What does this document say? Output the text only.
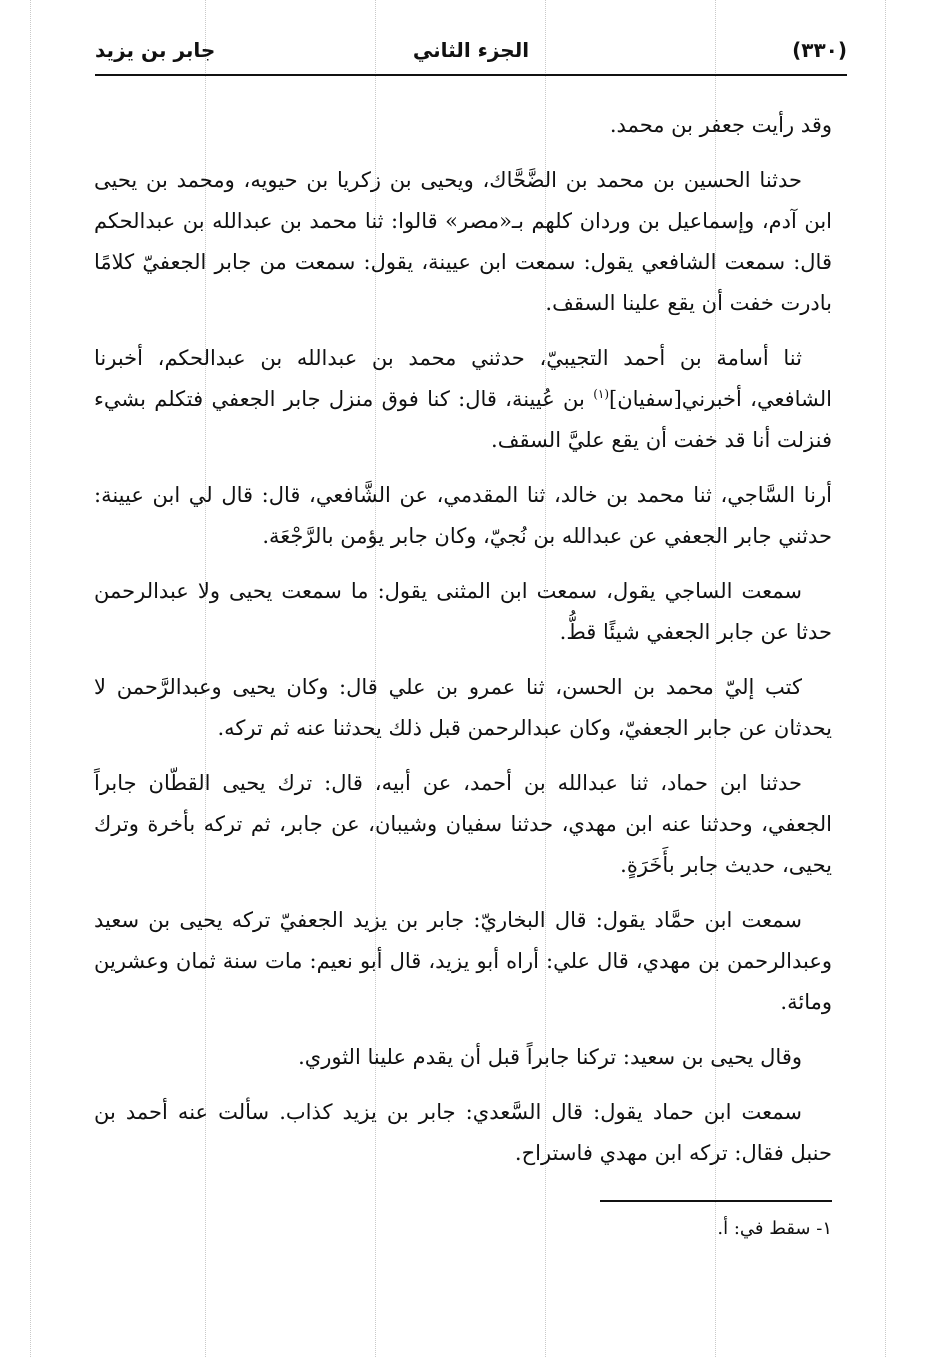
(٣٣٠)
الجزء الثاني
جابر بن يزيد

وقد رأيت جعفر بن محمد.

حدثنا الحسين بن محمد بن الضَّحَّاك، ويحيى بن زكريا بن حيويه، ومحمد بن يحيى ابن آدم، وإسماعيل بن وردان كلهم بـ«مصر» قالوا: ثنا محمد بن عبدالله بن عبدالحكم قال: سمعت الشافعي يقول: سمعت ابن عيينة، يقول: سمعت من جابر الجعفيّ كلامًا بادرت خفت أن يقع علينا السقف.

ثنا أسامة بن أحمد التجيبيّ، حدثني محمد بن عبدالله بن عبدالحكم، أخبرنا الشافعي، أخبرني[سفيان]$^{(١)}$ بن عُيينة، قال: كنا فوق منزل جابر الجعفي فتكلم بشيء فنزلت أنا قد خفت أن يقع عليَّ السقف.

أرنا السَّاجي، ثنا محمد بن خالد، ثنا المقدمي، عن الشَّافعي، قال: قال لي ابن عيينة: حدثني جابر الجعفي عن عبدالله بن نُجيّ، وكان جابر يؤمن بالرَّجْعَة.

سمعت الساجي يقول، سمعت ابن المثنى يقول: ما سمعت يحيى ولا عبدالرحمن حدثا عن جابر الجعفي شيئًا قطُّ.

كتب إليّ محمد بن الحسن، ثنا عمرو بن علي قال: وكان يحيى وعبدالرَّحمن لا يحدثان عن جابر الجعفيّ، وكان عبدالرحمن قبل ذلك يحدثنا عنه ثم تركه.

حدثنا ابن حماد، ثنا عبدالله بن أحمد، عن أبيه، قال: ترك يحيى القطّان جابراً الجعفي، وحدثنا عنه ابن مهدي، حدثنا سفيان وشيبان، عن جابر، ثم تركه بأخرة وترك يحيى، حديث جابر بأَخَرَةٍ.

سمعت ابن حمَّاد يقول: قال البخاريّ: جابر بن يزيد الجعفيّ تركه يحيى بن سعيد وعبدالرحمن بن مهدي، قال علي: أراه أبو يزيد، قال أبو نعيم: مات سنة ثمان وعشرين ومائة.

وقال يحيى بن سعيد: تركنا جابراً قبل أن يقدم علينا الثوري.

سمعت ابن حماد يقول: قال السَّعدي: جابر بن يزيد كذاب. سألت عنه أحمد بن حنبل فقال: تركه ابن مهدي فاستراح.

١- سقط في: أ.
